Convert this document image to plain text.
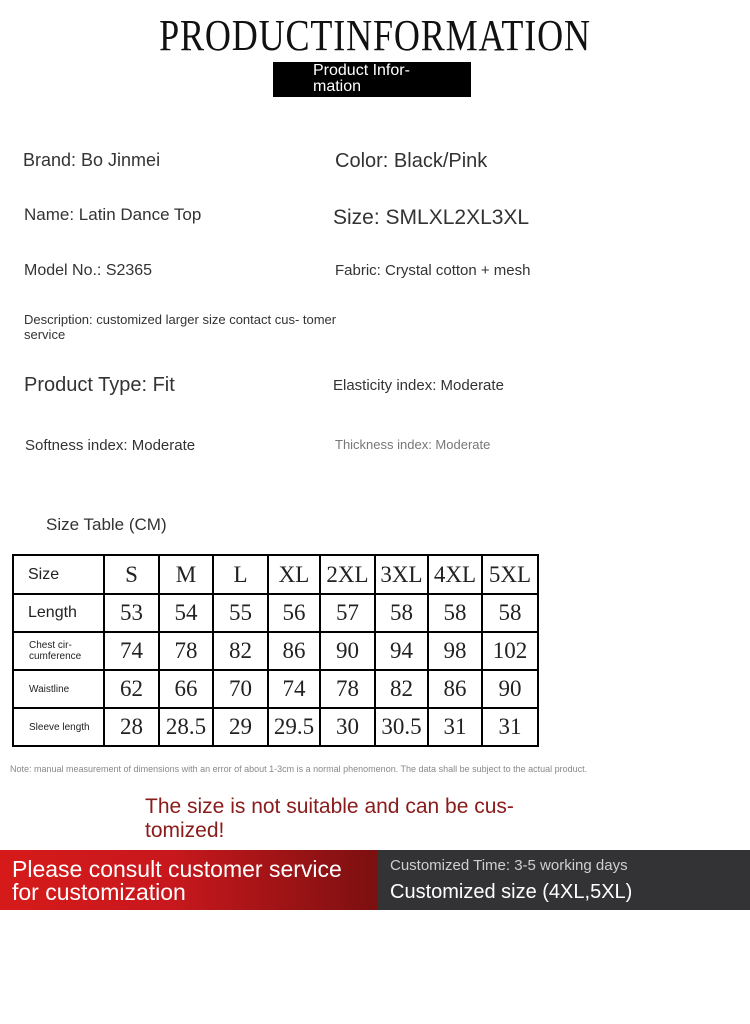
PRODUCTINFORMATION
Product Infor- mation
Brand: Bo Jinmei	Color: Black/Pink
Name: Latin Dance Top	Size: SMLXL2XL3XL
Model No.: S2365	Fabric: Crystal cotton + mesh
Description: customized larger size contact cus- tomer service
Product Type: Fit	Elasticity index: Moderate
Softness index: Moderate	Thickness index: Moderate
Size Table (CM)
Size	S	M	L	XL	2XL	3XL	4XL	5XL
Length	53	54	55	56	57	58	58	58
Chest cir- cumference	74	78	82	86	90	94	98	102
Waistline	62	66	70	74	78	82	86	90
Sleeve length	28	28.5	29	29.5	30	30.5	31	31
Note: manual measurement of dimensions with an error of about 1-3cm is a normal phenomenon. The data shall be subject to the actual product.
The size is not suitable and can be cus- tomized!
Please consult customer service for customization
Customized Time: 3-5 working days
Customized size (4XL,5XL)
